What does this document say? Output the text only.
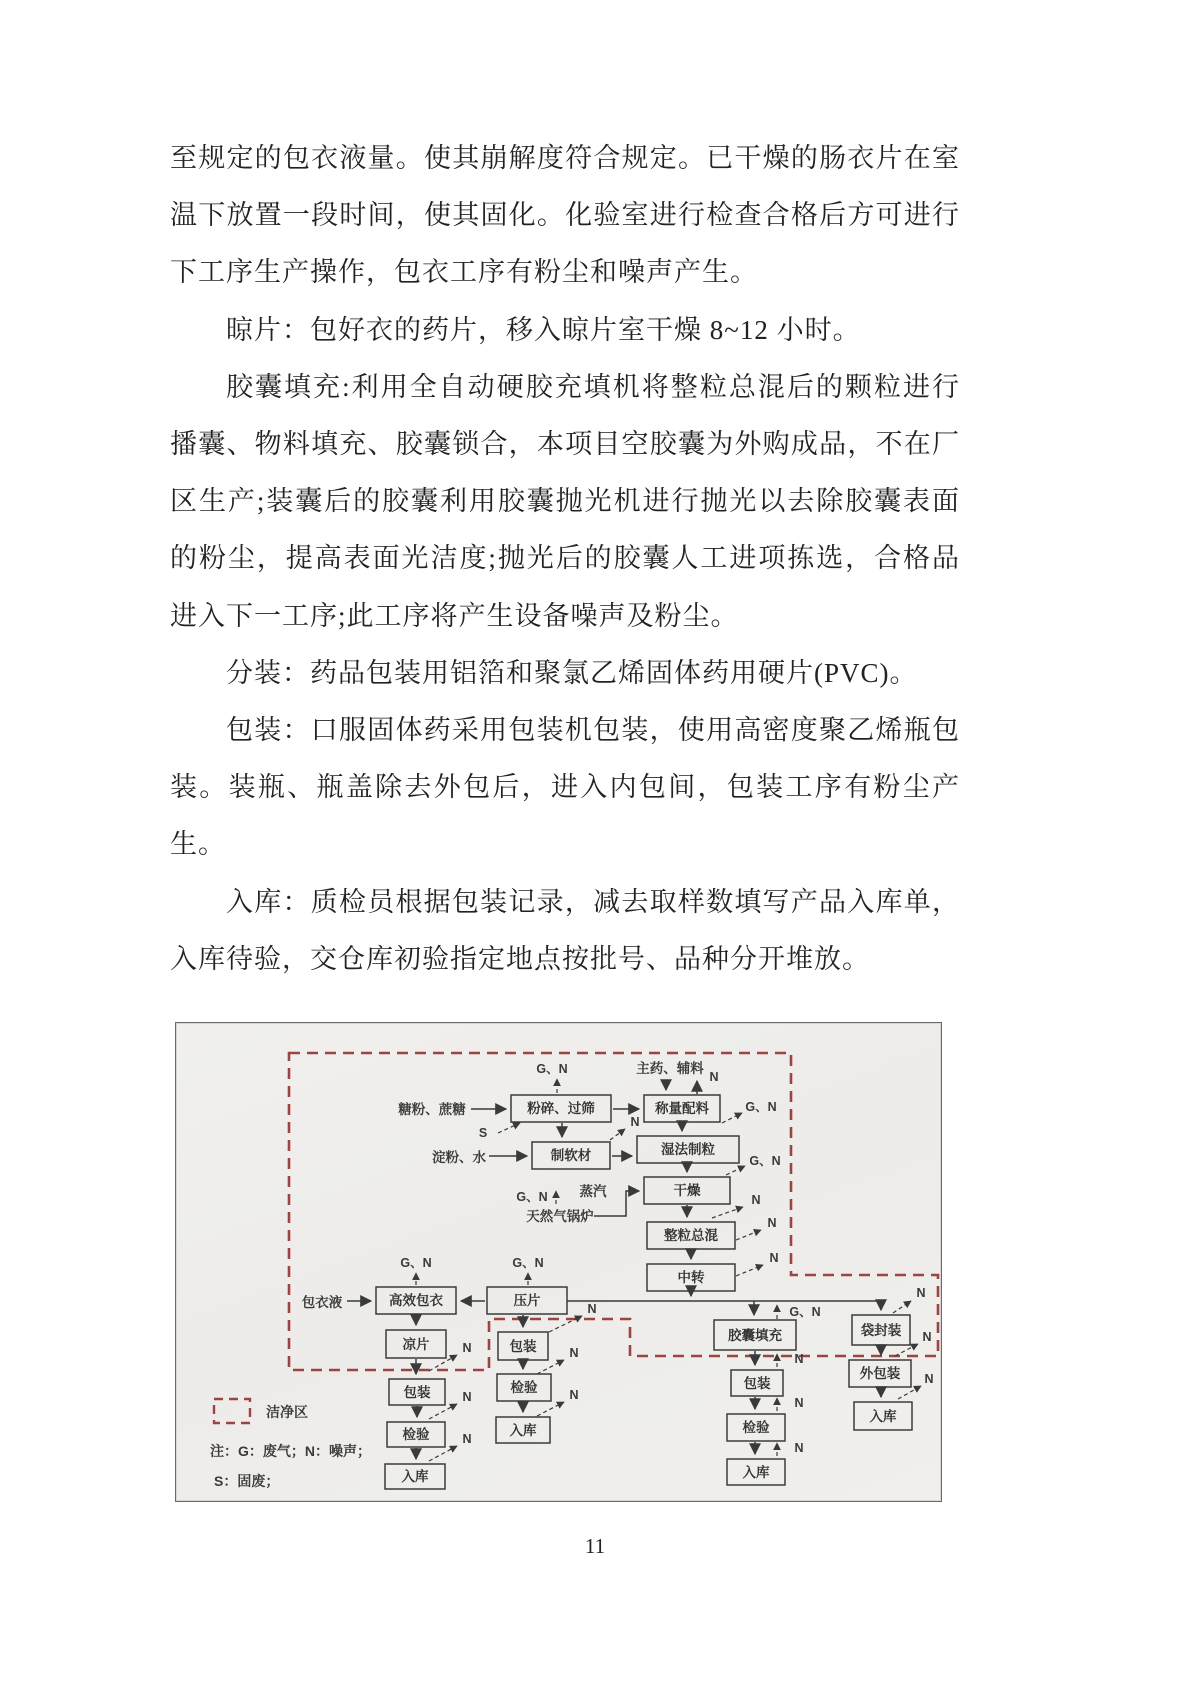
至规定的包衣液量。使其崩解度符合规定。已干燥的肠衣片在室温下放置一段时间，使其固化。化验室进行检查合格后方可进行下工序生产操作，包衣工序有粉尘和噪声产生。

晾片：包好衣的药片，移入晾片室干燥 8~12 小时。

胶囊填充:利用全自动硬胶充填机将整粒总混后的颗粒进行播囊、物料填充、胶囊锁合，本项目空胶囊为外购成品，不在厂区生产;装囊后的胶囊利用胶囊抛光机进行抛光以去除胶囊表面的粉尘，提高表面光洁度;抛光后的胶囊人工进项拣选，合格品进入下一工序;此工序将产生设备噪声及粉尘。

分装：药品包装用铝箔和聚氯乙烯固体药用硬片(PVC)。

包装：口服固体药采用包装机包装，使用高密度聚乙烯瓶包装。装瓶、瓶盖除去外包后，进入内包间，包装工序有粉尘产生。

入库：质检员根据包装记录，减去取样数填写产品入库单，入库待验，交仓库初验指定地点按批号、品种分开堆放。

粉碎、过筛	称量配料
制软材	湿法制粒
干燥
整粒总混
中转
压片
高效包衣
凉片
包装
检验
入库
包装
检验
入库
胶囊填充
包装
检验
入库
袋封装
外包装
入库
糖粉、蔗糖
淀粉、水
主药、辅料
包衣液
蒸汽
天然气锅炉
G、N
S
N
G、N
N
G、N
N
G、N
N
N
G、N	G、N
G、N
N
N
N
N
N
N
N
N
N
N
N
N
洁净区
注：G：废气；N：噪声；
S：固废；
11
